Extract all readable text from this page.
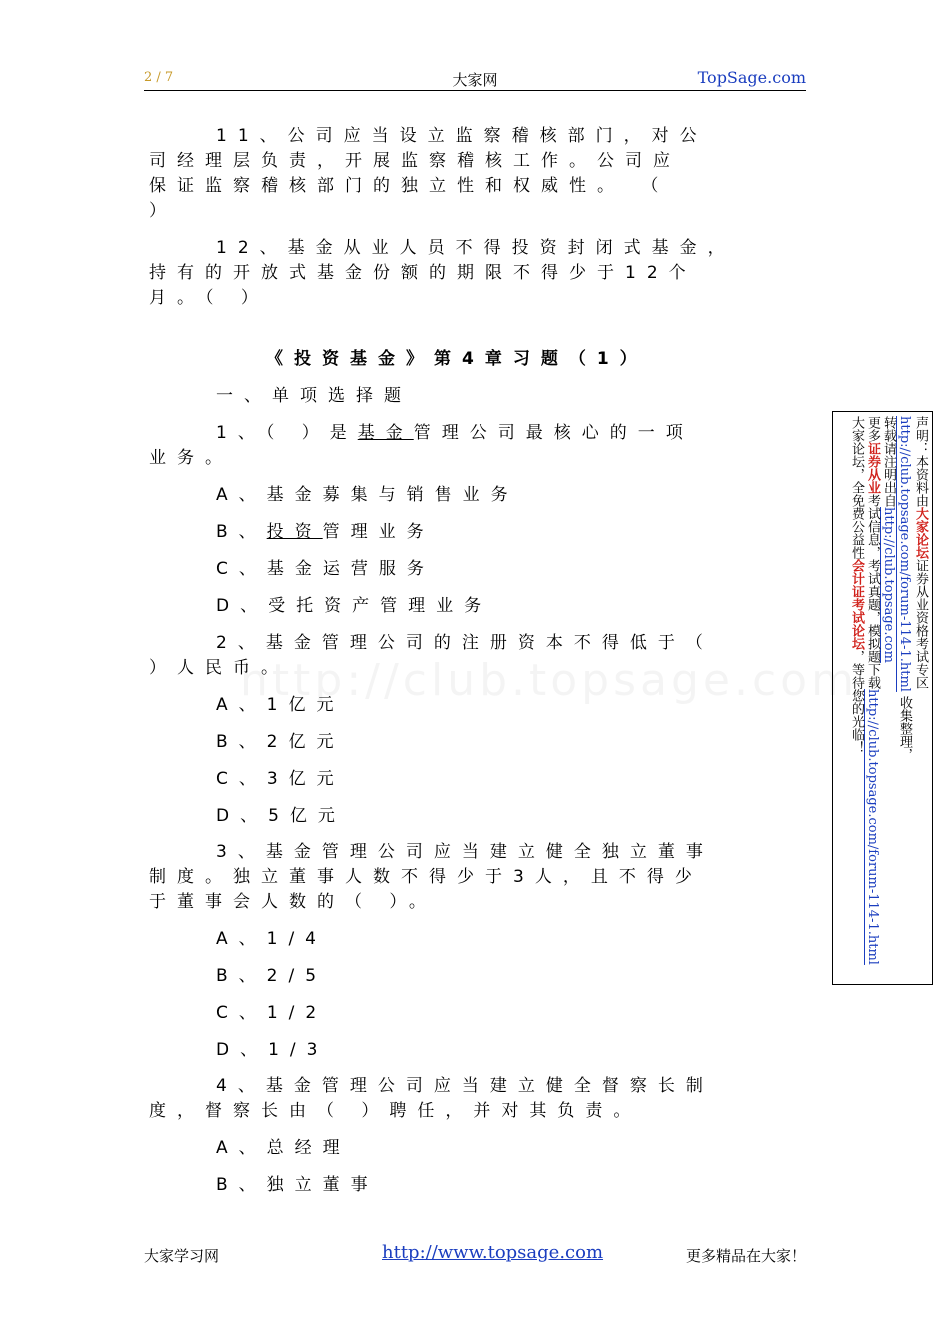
2 / 7	大家网	TopSage.com
11、公司应当设立监察稽核部门，对公
司经理层负责，开展监察稽核工作。公司应
保证监察稽核部门的独立性和权威性。 （
）
12、基金从业人员不得投资封闭式基金，
持有的开放式基金份额的期限不得少于12个
月。（ ）
《投资基金》第4章习题（1）
一、单项选择题
1、（ ）是基金管理公司最核心的一项
业务。
A、基金募集与销售业务
B、投资管理业务
C、基金运营服务
D、受托资产管理业务
2、基金管理公司的注册资本不得低于（
）人民币。
A、1亿元
B、2亿元
C、3亿元
D、5亿元
3、基金管理公司应当建立健全独立董事
制度。独立董事人数不得少于3人，且不得少
于董事会人数的（ ）。
A、1/4
B、2/5
C、1/2
D、1/3
4、基金管理公司应当建立健全督察长制
度，督察长由（ ）聘任，并对其负责。
A、总经理
B、独立董事
声明：本资料由大家论坛证券从业资格考试专区
http://club.topsage.com/forum-114-1.html 收集整理，
转载请注明出自http://club.topsage.com
更多证券从业考试信息，考试真题，模拟题下载http://club.topsage.com/forum-114-1.html
大家论坛，全免费公益性会计证考试论坛，等待您的光临！
大家学习网	http://www.topsage.com	更多精品在大家！
